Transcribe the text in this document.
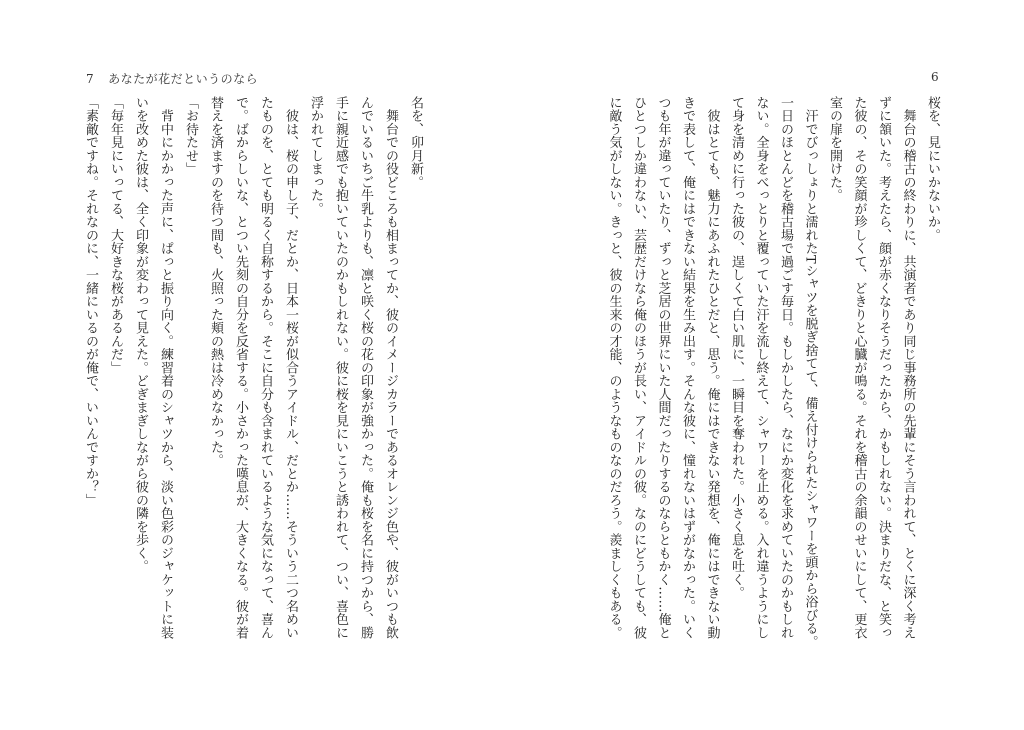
7 あなたが花だというのなら	6
桜を、見にいかないか。
　舞台の稽古の終わりに、共演者であり同じ事務所の先輩にそう言われて、とくに深く考え
ずに頷いた。考えたら、顔が赤くなりそうだったから、かもしれない。決まりだな、と笑っ
た彼の、その笑顔が珍しくて、どきりと心臓が鳴る。それを稽古の余韻のせいにして、更衣
室の扉を開けた。
　汗でびっしょりと濡れたTシャツを脱ぎ捨てて、備え付けられたシャワーを頭から浴びる。
一日のほとんどを稽古場で過ごす毎日。もしかしたら、なにか変化を求めていたのかもしれ
ない。全身をべっとりと覆っていた汗を流し終えて、シャワーを止める。入れ違うようにし
て身を清めに行った彼の、逞しくて白い肌に、一瞬目を奪われた。小さく息を吐く。
　彼はとても、魅力にあふれたひとだと、思う。俺にはできない発想を、俺にはできない動
きで表して、俺にはできない結果を生み出す。そんな彼に、憧れないはずがなかった。いく
つも年が違っていたり、ずっと芝居の世界にいた人間だったりするのならともかく……俺と
ひとつしか違わない、芸歴だけなら俺のほうが長い、アイドルの彼。なのにどうしても、彼
に敵う気がしない。きっと、彼の生来の才能、のようなものなのだろう。羨ましくもある。
名を、卯月新。
　舞台での役どころも相まってか、彼のイメージカラーであるオレンジ色や、彼がいつも飲
んでいるいちご牛乳よりも、凛と咲く桜の花の印象が強かった。俺も桜を名に持つから、勝
手に親近感でも抱いていたのかもしれない。彼に桜を見にいこうと誘われて、つい、喜色に
浮かれてしまった。
　彼は、桜の申し子、だとか、日本一桜が似合うアイドル、だとか……そういう二つ名めい
たものを、とても明るく自称するから。そこに自分も含まれているような気になって、喜ん
で。ばからしいな、とつい先刻の自分を反省する。小さかった嘆息が、大きくなる。彼が着
替えを済ますのを待つ間も、火照った頬の熱は冷めなかった。
「お待たせ」
　背中にかかった声に、ぱっと振り向く。練習着のシャツから、淡い色彩のジャケットに装
いを改めた彼は、全く印象が変わって見えた。どぎまぎしながら彼の隣を歩く。
「毎年見にいってる、大好きな桜があるんだ」
「素敵ですね。それなのに、一緒にいるのが俺で、いいんですか？」
